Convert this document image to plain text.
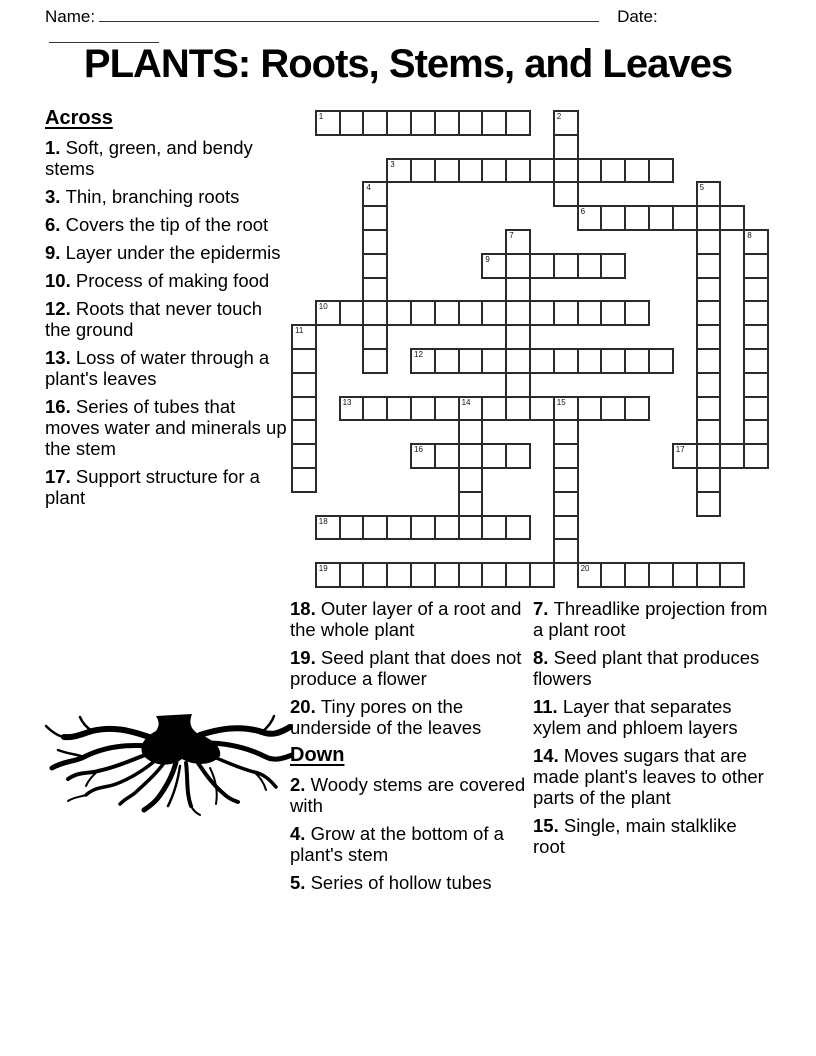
Name:	Date:
PLANTS: Roots, Stems, and Leaves

Across

1. Soft, green, and bendy stems

3. Thin, branching roots

6. Covers the tip of the root

9. Layer under the epidermis

10. Process of making food

12. Roots that never touch the ground

13. Loss of water through a plant's leaves

16. Series of tubes that moves water and minerals up the stem

17. Support structure for a plant

1
3
6
9
10
12
13	14	15
16	17
18
19	20
2
4	5
7	8
11

18. Outer layer of a root and the whole plant

19. Seed plant that does not produce a flower

20. Tiny pores on the underside of the leaves

Down

2. Woody stems are covered with

4. Grow at the bottom of a plant's stem

5. Series of hollow tubes

7. Threadlike projection from a plant root

8. Seed plant that produces flowers

11. Layer that separates xylem and phloem layers

14. Moves sugars that are made plant's leaves to other parts of the plant

15. Single, main stalklike root
